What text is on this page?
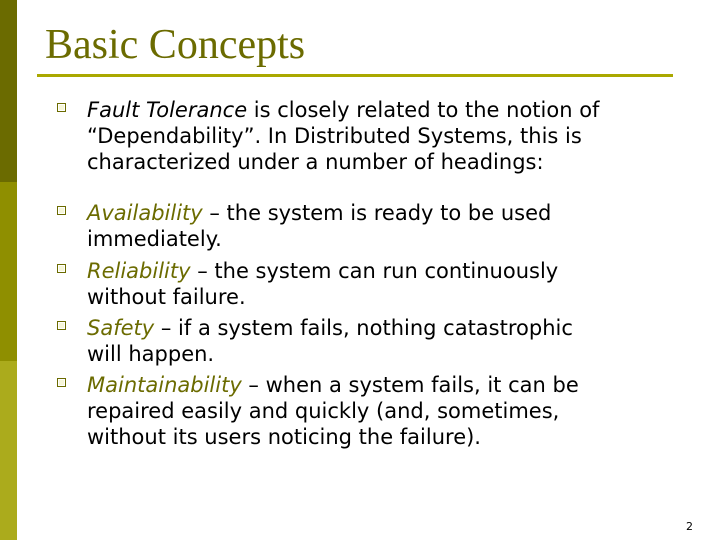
Basic Concepts
Fault Tolerance is closely related to the notion of
“Dependability”. In Distributed Systems, this is
characterized under a number of headings:
Availability – the system is ready to be used
immediately.
Reliability – the system can run continuously
without failure.
Safety – if a system fails, nothing catastrophic
will happen.
Maintainability – when a system fails, it can be
repaired easily and quickly (and, sometimes,
without its users noticing the failure).
2
